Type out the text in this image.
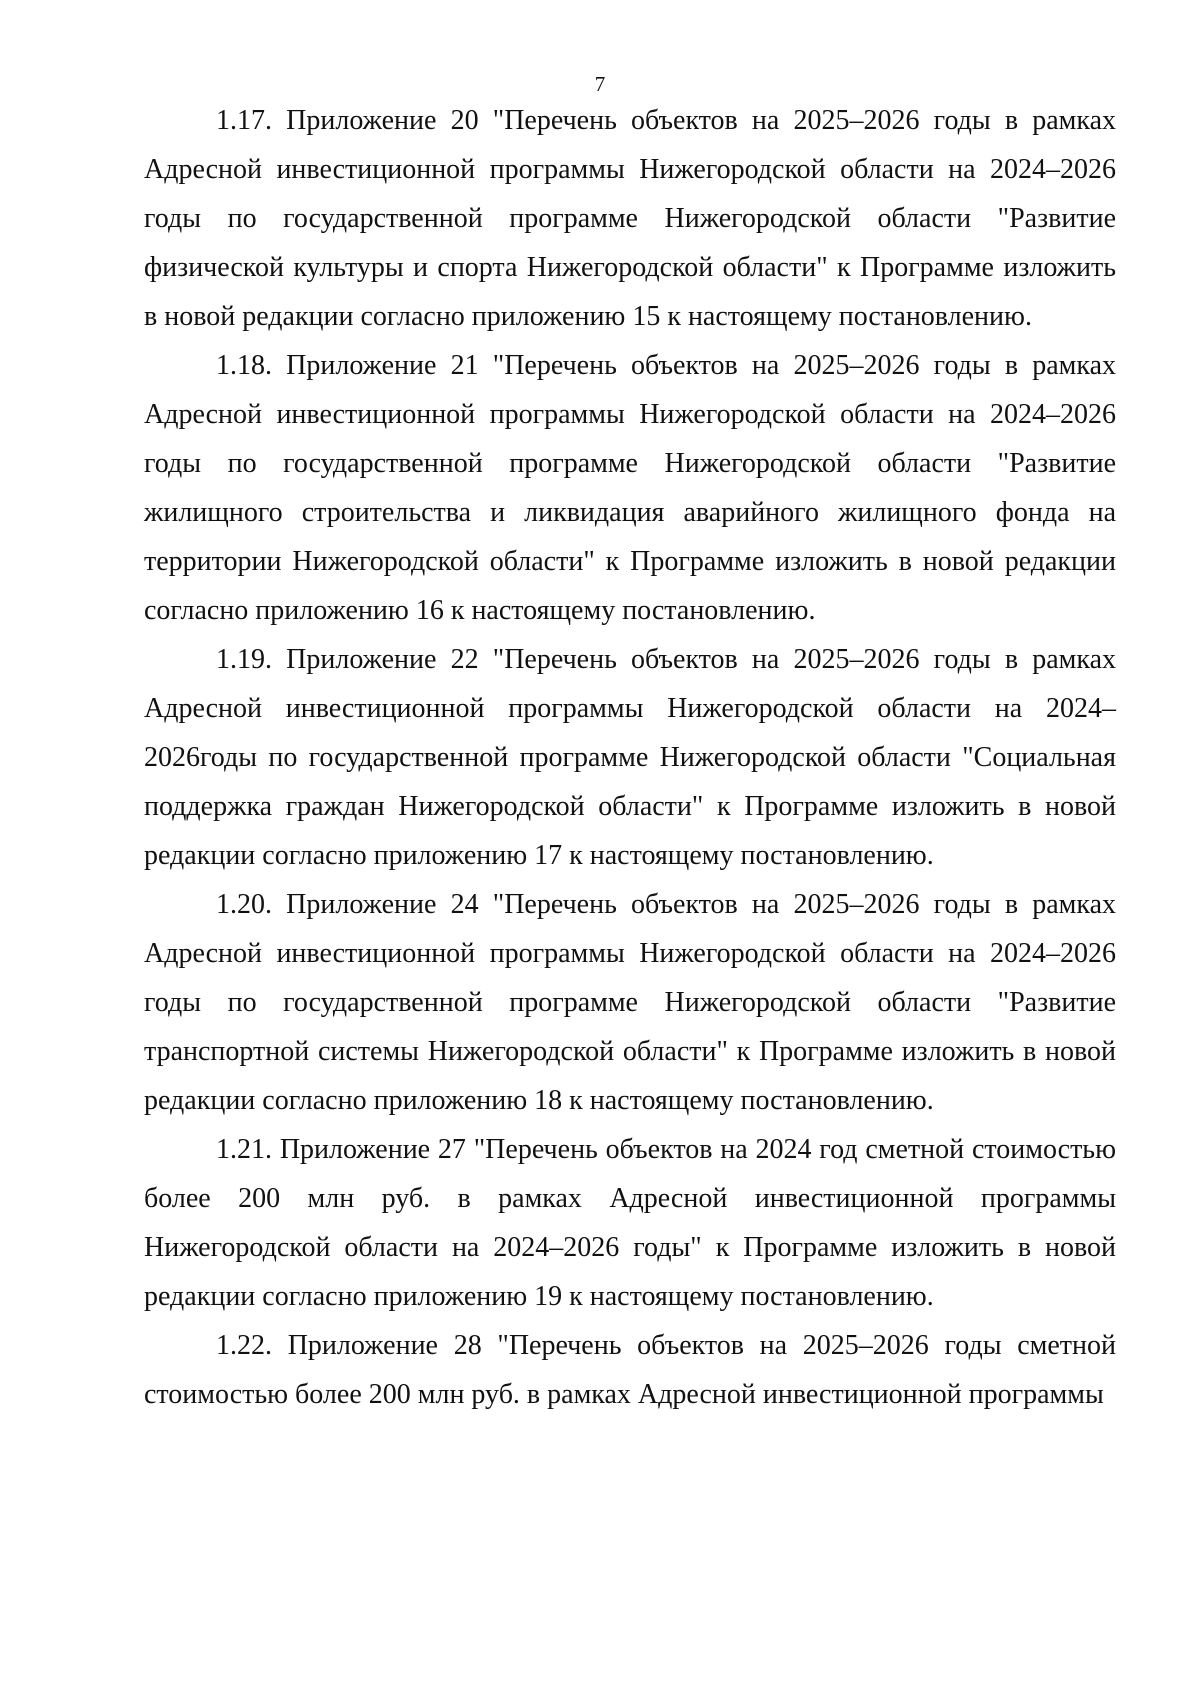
7

1.17. Приложение 20 "Перечень объектов на 2025–2026 годы в рамках Адресной инвестиционной программы Нижегородской области на 2024–2026 годы по государственной программе Нижегородской области "Развитие физической культуры и спорта Нижегородской области" к Программе изложить в новой редакции согласно приложению 15 к настоящему постановлению.

1.18. Приложение 21 "Перечень объектов на 2025–2026 годы в рамках Адресной инвестиционной программы Нижегородской области на 2024–2026 годы по государственной программе Нижегородской области "Развитие жилищного строительства и ликвидация аварийного жилищного фонда на территории Нижегородской области" к Программе изложить в новой редакции согласно приложению 16 к настоящему постановлению.

1.19. Приложение 22 "Перечень объектов на 2025–2026 годы в рамках Адресной инвестиционной программы Нижегородской области на 2024–2026годы по государственной программе Нижегородской области "Социальная поддержка граждан Нижегородской области" к Программе изложить в новой редакции согласно приложению 17 к настоящему постановлению.

1.20. Приложение 24 "Перечень объектов на 2025–2026 годы в рамках Адресной инвестиционной программы Нижегородской области на 2024–2026 годы по государственной программе Нижегородской области "Развитие транспортной системы Нижегородской области" к Программе изложить в новой редакции согласно приложению 18 к настоящему постановлению.

1.21. Приложение 27 "Перечень объектов на 2024 год сметной стоимостью более 200 млн руб. в рамках Адресной инвестиционной программы Нижегородской области на 2024–2026 годы" к Программе изложить в новой редакции согласно приложению 19 к настоящему постановлению.

1.22. Приложение 28 "Перечень объектов на 2025–2026 годы сметной стоимостью более 200 млн руб. в рамках Адресной инвестиционной программы
